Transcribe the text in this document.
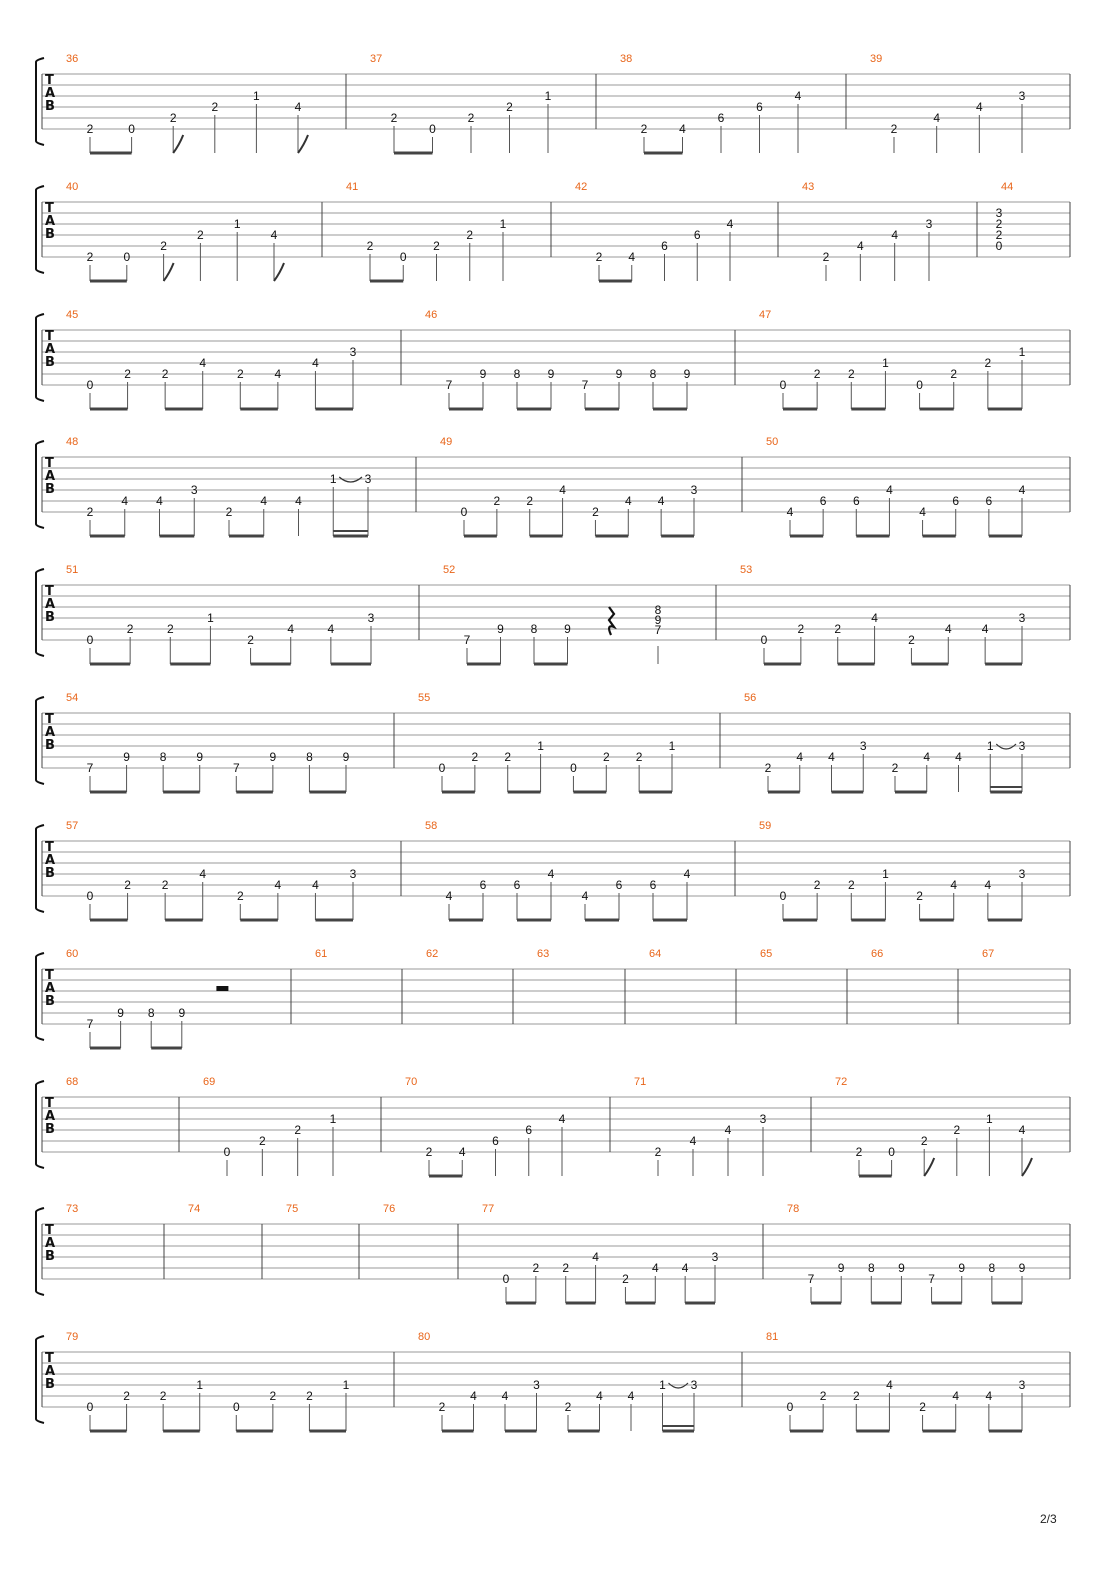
T
A
B
36
2	0
2
2
1
4
37
2
0
2
2
1
38
2	4
6
6
4
39
2
4
4
3
T
A
B
40
2	0
2
2
1
4
41
2
0
2
2
1
42
2 4
6
6
4
43
2
4
4
3
44
3
2
2
0
T
A
B
45
0
2	2
4
2	4
4
3
46
7
9 8 9
7
9 8 9
47
0
2 2
1
0
2
2
1
T
A
B
48
2
4 4
3
2
4 4
1 3
49
0
2 2
4
2
4 4
3
50
4
6 6
4
4
6 6
4
T
A
B
51
0
2	2
1
2
4	4
3
52
7
9 8 9
8
9
7
53
0
2	2
4
2
4	4
3
T
A
B
54
7
9 8 9
7
9 8 9
55
0
2 2
1
0
2 2
1
56
2
4 4
3
2
4 4
1 3
T
A
B
57
0
2	2
4
2
4	4
3
58
4
6 6
4
4
6 6
4
59
0
2 2
1
2
4 4
3
T
A
B
60
7
9 8 9
61	62	63	64	65	66	67
T
A
B
68	69
0
2
2
1
70
2 4
6
6
4
71
2
4
4
3
72
2 0
2
2
1
4
T
A
B
73	74	75	76	77
0
2 2
4
2
4 4
3
78
7
9 8 9
7
9 8 9
T
A
B
79
0
2 2
1
0
2 2
1
80
2
4 4
3
2
4 4
1 3
81
0
2 2
4
2
4 4
3
2/3
